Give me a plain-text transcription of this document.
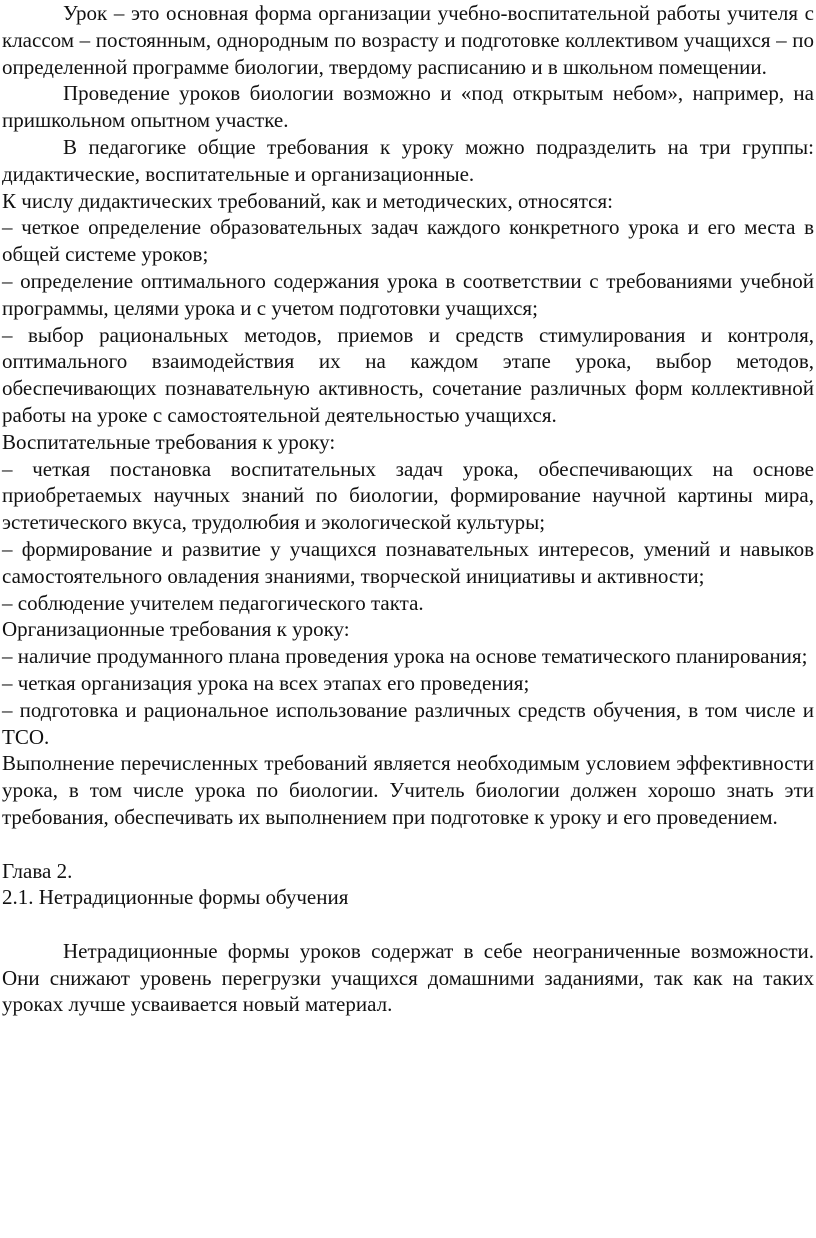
Урок – это основная форма организации учебно-воспитательной работы учителя с классом – постоянным, однородным по возрасту и подготовке коллективом учащихся – по определенной программе биологии, твердому расписанию и в школьном помещении.

Проведение уроков биологии возможно и «под открытым небом», например, на пришкольном опытном участке.

В педагогике общие требования к уроку можно подразделить на три группы: дидактические, воспитательные и организационные.

К числу дидактических требований, как и методических, относятся:

– четкое определение образовательных задач каждого конкретного урока и его места в общей системе уроков;

– определение оптимального содержания урока в соответствии с требованиями учебной программы, целями урока и с учетом подготовки учащихся;

– выбор рациональных методов, приемов и средств стимулирования и контроля, оптимального взаимодействия их на каждом этапе урока, выбор методов, обеспечивающих познавательную активность, сочетание различных форм коллективной работы на уроке с самостоятельной деятельностью учащихся.

Воспитательные требования к уроку:

– четкая постановка воспитательных задач урока, обеспечивающих на основе приобретаемых научных знаний по биологии, формирование научной картины мира, эстетического вкуса, трудолюбия и экологической культуры;

– формирование и развитие у учащихся познавательных интересов, умений и навыков самостоятельного овладения знаниями, творческой инициативы и активности;

– соблюдение учителем педагогического такта.

Организационные требования к уроку:

– наличие продуманного плана проведения урока на основе тематического планирования;

– четкая организация урока на всех этапах его проведения;

– подготовка и рациональное использование различных средств обучения, в том числе и ТСО.

Выполнение перечисленных требований является необходимым условием эффективности урока, в том числе урока по биологии. Учитель биологии должен хорошо знать эти требования, обеспечивать их выполнением при подготовке к уроку и его проведением.

Глава 2.

2.1. Нетрадиционные формы обучения

Нетрадиционные формы уроков содержат в себе неограниченные возможности. Они снижают уровень перегрузки учащихся домашними заданиями, так как на таких уроках лучше усваивается новый материал.
